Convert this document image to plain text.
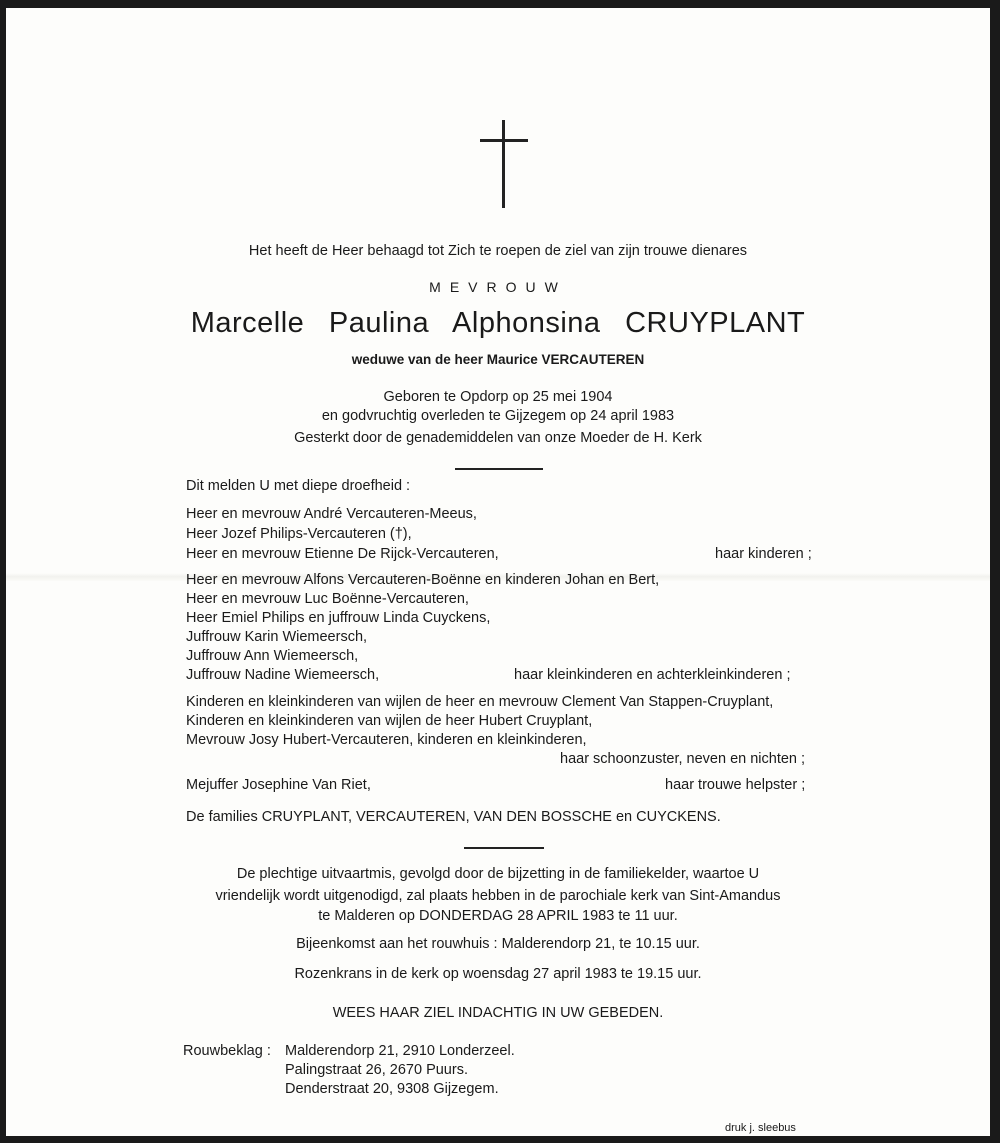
Het heeft de Heer behaagd tot Zich te roepen de ziel van zijn trouwe dienares
MEVROUW
Marcelle Paulina Alphonsina CRUYPLANT
weduwe van de heer Maurice VERCAUTEREN
Geboren te Opdorp op 25 mei 1904
en godvruchtig overleden te Gijzegem op 24 april 1983
Gesterkt door de genademiddelen van onze Moeder de H. Kerk
Dit melden U met diepe droefheid :
Heer en mevrouw André Vercauteren-Meeus,
Heer Jozef Philips-Vercauteren (†),
Heer en mevrouw Etienne De Rijck-Vercauteren,	haar kinderen ;
Heer en mevrouw Alfons Vercauteren-Boënne en kinderen Johan en Bert,
Heer en mevrouw Luc Boënne-Vercauteren,
Heer Emiel Philips en juffrouw Linda Cuyckens,
Juffrouw Karin Wiemeersch,
Juffrouw Ann Wiemeersch,
Juffrouw Nadine Wiemeersch,	haar kleinkinderen en achterkleinkinderen ;
Kinderen en kleinkinderen van wijlen de heer en mevrouw Clement Van Stappen-Cruyplant,
Kinderen en kleinkinderen van wijlen de heer Hubert Cruyplant,
Mevrouw Josy Hubert-Vercauteren, kinderen en kleinkinderen,
haar schoonzuster, neven en nichten ;
Mejuffer Josephine Van Riet,	haar trouwe helpster ;
De families CRUYPLANT, VERCAUTEREN, VAN DEN BOSSCHE en CUYCKENS.
De plechtige uitvaartmis, gevolgd door de bijzetting in de familiekelder, waartoe U
vriendelijk wordt uitgenodigd, zal plaats hebben in de parochiale kerk van Sint-Amandus
te Malderen op DONDERDAG 28 APRIL 1983 te 11 uur.
Bijeenkomst aan het rouwhuis : Malderendorp 21, te 10.15 uur.
Rozenkrans in de kerk op woensdag 27 april 1983 te 19.15 uur.
WEES HAAR ZIEL INDACHTIG IN UW GEBEDEN.
Rouwbeklag : Malderendorp 21, 2910 Londerzeel.
Palingstraat 26, 2670 Puurs.
Denderstraat 20, 9308 Gijzegem.
druk j. sleebus
